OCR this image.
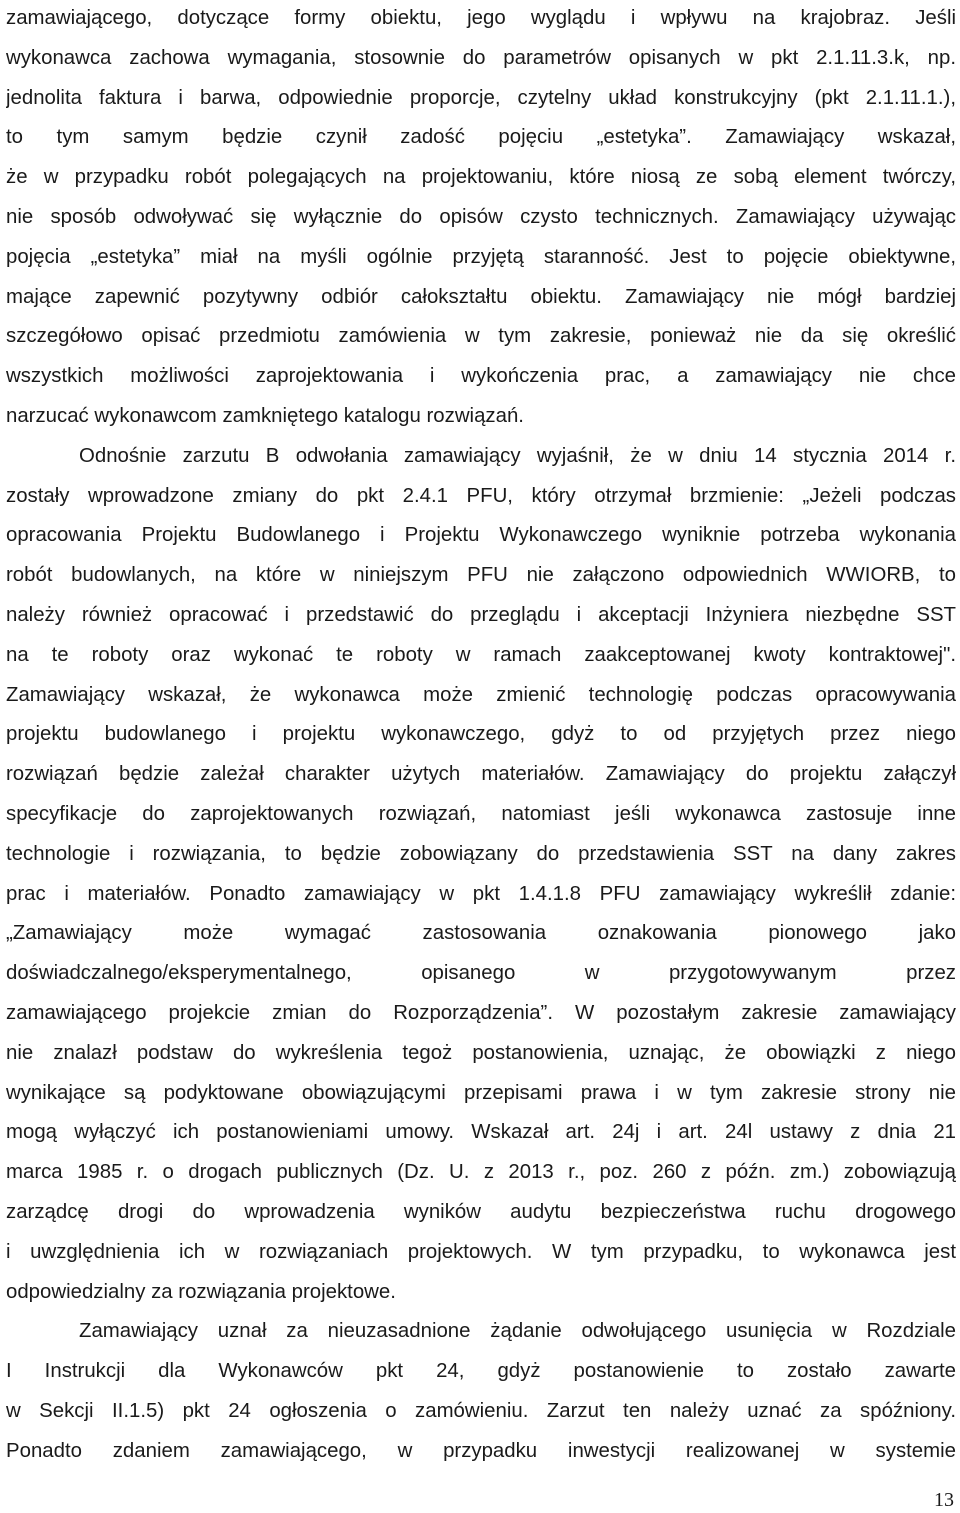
zamawiającego, dotyczące formy obiektu, jego wyglądu i wpływu na krajobraz. Jeśli
wykonawca zachowa wymagania, stosownie do parametrów opisanych w pkt 2.1.11.3.k, np.
jednolita faktura i barwa, odpowiednie proporcje, czytelny układ konstrukcyjny (pkt 2.1.11.1.),
to tym samym będzie czynił zadość pojęciu „estetyka”. Zamawiający wskazał,
że w przypadku robót polegających na projektowaniu, które niosą ze sobą element twórczy,
nie sposób odwoływać się wyłącznie do opisów czysto technicznych. Zamawiający używając
pojęcia „estetyka” miał na myśli ogólnie przyjętą staranność. Jest to pojęcie obiektywne,
mające zapewnić pozytywny odbiór całokształtu obiektu. Zamawiający nie mógł bardziej
szczegółowo opisać przedmiotu zamówienia w tym zakresie, ponieważ nie da się określić
wszystkich możliwości zaprojektowania i wykończenia prac, a zamawiający nie chce
narzucać wykonawcom zamkniętego katalogu rozwiązań.
Odnośnie zarzutu B odwołania zamawiający wyjaśnił, że w dniu 14 stycznia 2014 r.
zostały wprowadzone zmiany do pkt 2.4.1 PFU, który otrzymał brzmienie: „Jeżeli podczas
opracowania Projektu Budowlanego i Projektu Wykonawczego wyniknie potrzeba wykonania
robót budowlanych, na które w niniejszym PFU nie załączono odpowiednich WWIORB, to
należy również opracować i przedstawić do przeglądu i akceptacji Inżyniera niezbędne SST
na te roboty oraz wykonać te roboty w ramach zaakceptowanej kwoty kontraktowej".
Zamawiający wskazał, że wykonawca może zmienić technologię podczas opracowywania
projektu budowlanego i projektu wykonawczego, gdyż to od przyjętych przez niego
rozwiązań będzie zależał charakter użytych materiałów. Zamawiający do projektu załączył
specyfikacje do zaprojektowanych rozwiązań, natomiast jeśli wykonawca zastosuje inne
technologie i rozwiązania, to będzie zobowiązany do przedstawienia SST na dany zakres
prac i materiałów. Ponadto zamawiający w pkt 1.4.1.8 PFU zamawiający wykreślił zdanie:
„Zamawiający może wymagać zastosowania oznakowania pionowego jako
doświadczalnego/eksperymentalnego, opisanego w przygotowywanym przez
zamawiającego projekcie zmian do Rozporządzenia”. W pozostałym zakresie zamawiający
nie znalazł podstaw do wykreślenia tegoż postanowienia, uznając, że obowiązki z niego
wynikające są podyktowane obowiązującymi przepisami prawa i w tym zakresie strony nie
mogą wyłączyć ich postanowieniami umowy. Wskazał art. 24j i art. 24l ustawy z dnia 21
marca 1985 r. o drogach publicznych (Dz. U. z 2013 r., poz. 260 z późn. zm.) zobowiązują
zarządcę drogi do wprowadzenia wyników audytu bezpieczeństwa ruchu drogowego
i uwzględnienia ich w rozwiązaniach projektowych. W tym przypadku, to wykonawca jest
odpowiedzialny za rozwiązania projektowe.
Zamawiający uznał za nieuzasadnione żądanie odwołującego usunięcia w Rozdziale
I Instrukcji dla Wykonawców pkt 24, gdyż postanowienie to zostało zawarte
w Sekcji II.1.5) pkt 24 ogłoszenia o zamówieniu. Zarzut ten należy uznać za spóźniony.
Ponadto zdaniem zamawiającego, w przypadku inwestycji realizowanej w systemie
13
